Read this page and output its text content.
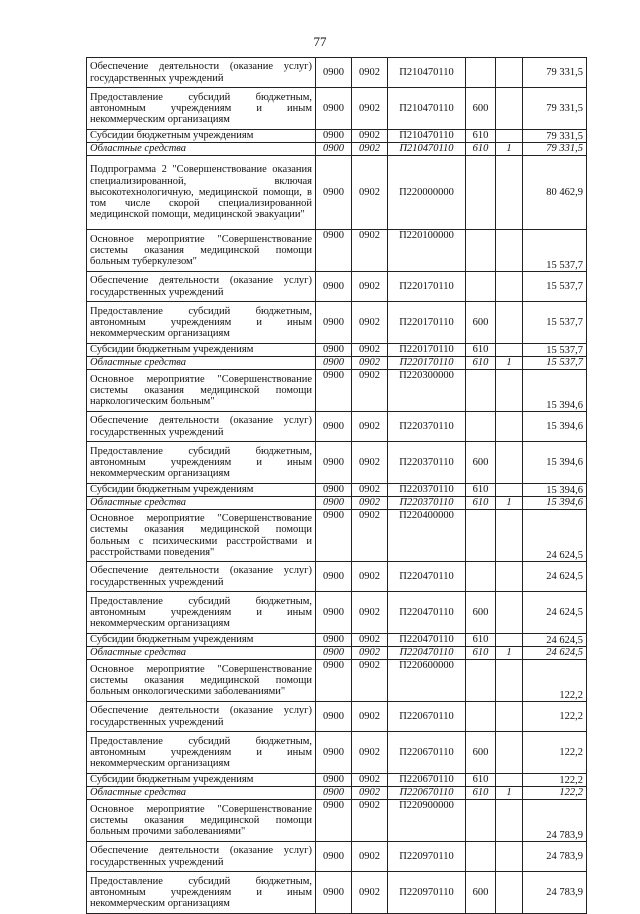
77
Обеспечение деятельности (оказание услуг) государственных учреждений	0900	0902	П210470110			79 331,5
Предоставление субсидий бюджетным, автономным учреждениям и иным некоммерческим организациям	0900	0902	П210470110	600		79 331,5
Субсидии бюджетным учреждениям	0900	0902	П210470110	610		79 331,5
Областные средства	0900	0902	П210470110	610	1	79 331,5
Подпрограмма 2 "Совершенствование оказания специализированной, включая высокотехнологичную, медицинской помощи, в том числе скорой специализированной медицинской помощи, медицинской эвакуации"	0900	0902	П220000000			80 462,9
Основное мероприятие "Совершенствование системы оказания медицинской помощи больным туберкулезом"	0900	0902	П220100000			15 537,7
Обеспечение деятельности (оказание услуг) государственных учреждений	0900	0902	П220170110			15 537,7
Предоставление субсидий бюджетным, автономным учреждениям и иным некоммерческим организациям	0900	0902	П220170110	600		15 537,7
Субсидии бюджетным учреждениям	0900	0902	П220170110	610		15 537,7
Областные средства	0900	0902	П220170110	610	1	15 537,7
Основное мероприятие "Совершенствование системы оказания медицинской помощи наркологическим больным"	0900	0902	П220300000			15 394,6
Обеспечение деятельности (оказание услуг) государственных учреждений	0900	0902	П220370110			15 394,6
Предоставление субсидий бюджетным, автономным учреждениям и иным некоммерческим организациям	0900	0902	П220370110	600		15 394,6
Субсидии бюджетным учреждениям	0900	0902	П220370110	610		15 394,6
Областные средства	0900	0902	П220370110	610	1	15 394,6
Основное мероприятие "Совершенствование системы оказания медицинской помощи больным с психическими расстройствами и расстройствами поведения"	0900	0902	П220400000			24 624,5
Обеспечение деятельности (оказание услуг) государственных учреждений	0900	0902	П220470110			24 624,5
Предоставление субсидий бюджетным, автономным учреждениям и иным некоммерческим организациям	0900	0902	П220470110	600		24 624,5
Субсидии бюджетным учреждениям	0900	0902	П220470110	610		24 624,5
Областные средства	0900	0902	П220470110	610	1	24 624,5
Основное мероприятие "Совершенствование системы оказания медицинской помощи больным онкологическими заболеваниями"	0900	0902	П220600000			122,2
Обеспечение деятельности (оказание услуг) государственных учреждений	0900	0902	П220670110			122,2
Предоставление субсидий бюджетным, автономным учреждениям и иным некоммерческим организациям	0900	0902	П220670110	600		122,2
Субсидии бюджетным учреждениям	0900	0902	П220670110	610		122,2
Областные средства	0900	0902	П220670110	610	1	122,2
Основное мероприятие "Совершенствование системы оказания медицинской помощи больным прочими заболеваниями"	0900	0902	П220900000			24 783,9
Обеспечение деятельности (оказание услуг) государственных учреждений	0900	0902	П220970110			24 783,9
Предоставление субсидий бюджетным, автономным учреждениям и иным некоммерческим организациям	0900	0902	П220970110	600		24 783,9
